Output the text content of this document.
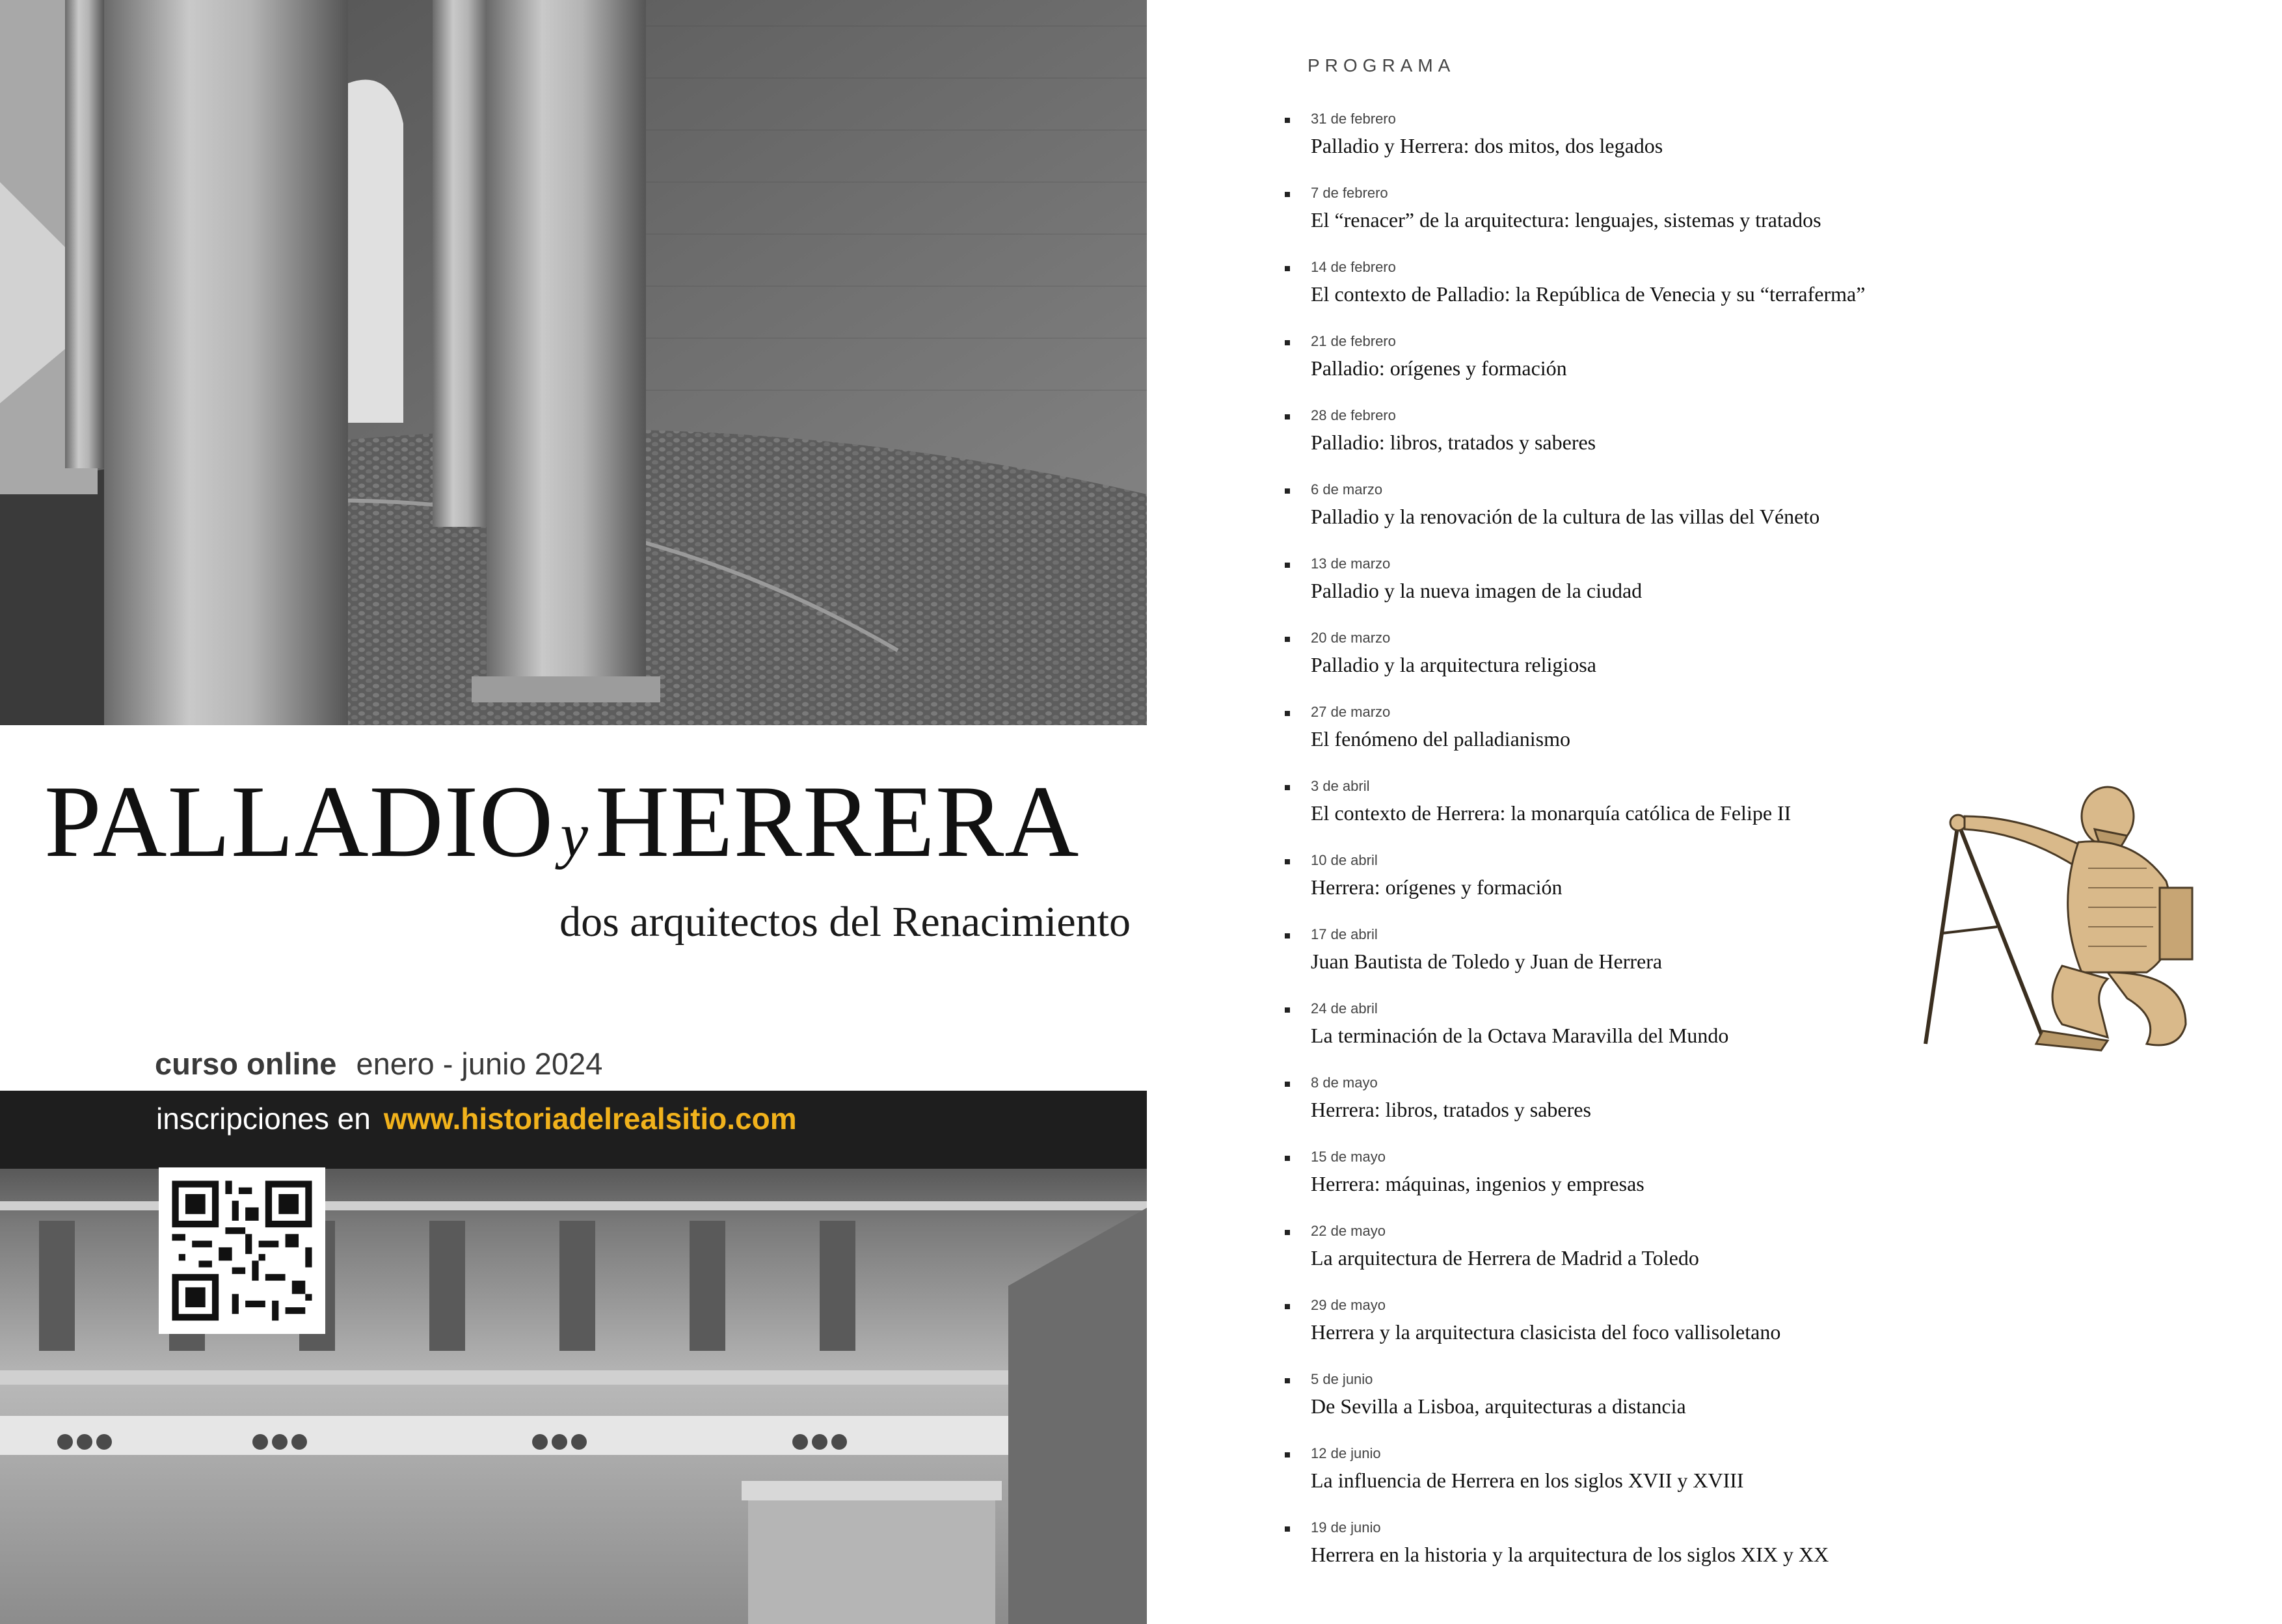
PALLADIO yHERRERA
dos arquitectos del Renacimiento
curso online enero - junio 2024
inscripciones en www.historiadelrealsitio.com
PROGRAMA
31 de febrero
Palladio y Herrera: dos mitos, dos legados
7 de febrero
El “renacer” de la arquitectura: lenguajes, sistemas y tratados
14 de febrero
El contexto de Palladio: la República de Venecia y su “terraferma”
21 de febrero
Palladio: orígenes y formación
28 de febrero
Palladio: libros, tratados y saberes
6 de marzo
Palladio y la renovación de la cultura de las villas del Véneto
13 de marzo
Palladio y la nueva imagen de la ciudad
20 de marzo
Palladio y la arquitectura religiosa
27 de marzo
El fenómeno del palladianismo
3 de abril
El contexto de Herrera: la monarquía católica de Felipe II
10 de abril
Herrera: orígenes y formación
17 de abril
Juan Bautista de Toledo y Juan de Herrera
24 de abril
La terminación de la Octava Maravilla del Mundo
8 de mayo
Herrera: libros, tratados y saberes
15 de mayo
Herrera: máquinas, ingenios y empresas
22 de mayo
La arquitectura de Herrera de Madrid a Toledo
29 de mayo
Herrera y la arquitectura clasicista del foco vallisoletano
5 de junio
De Sevilla a Lisboa, arquitecturas a distancia
12 de junio
La influencia de Herrera en los siglos XVII y XVIII
19 de junio
Herrera en la historia y la arquitectura de los siglos XIX y XX
